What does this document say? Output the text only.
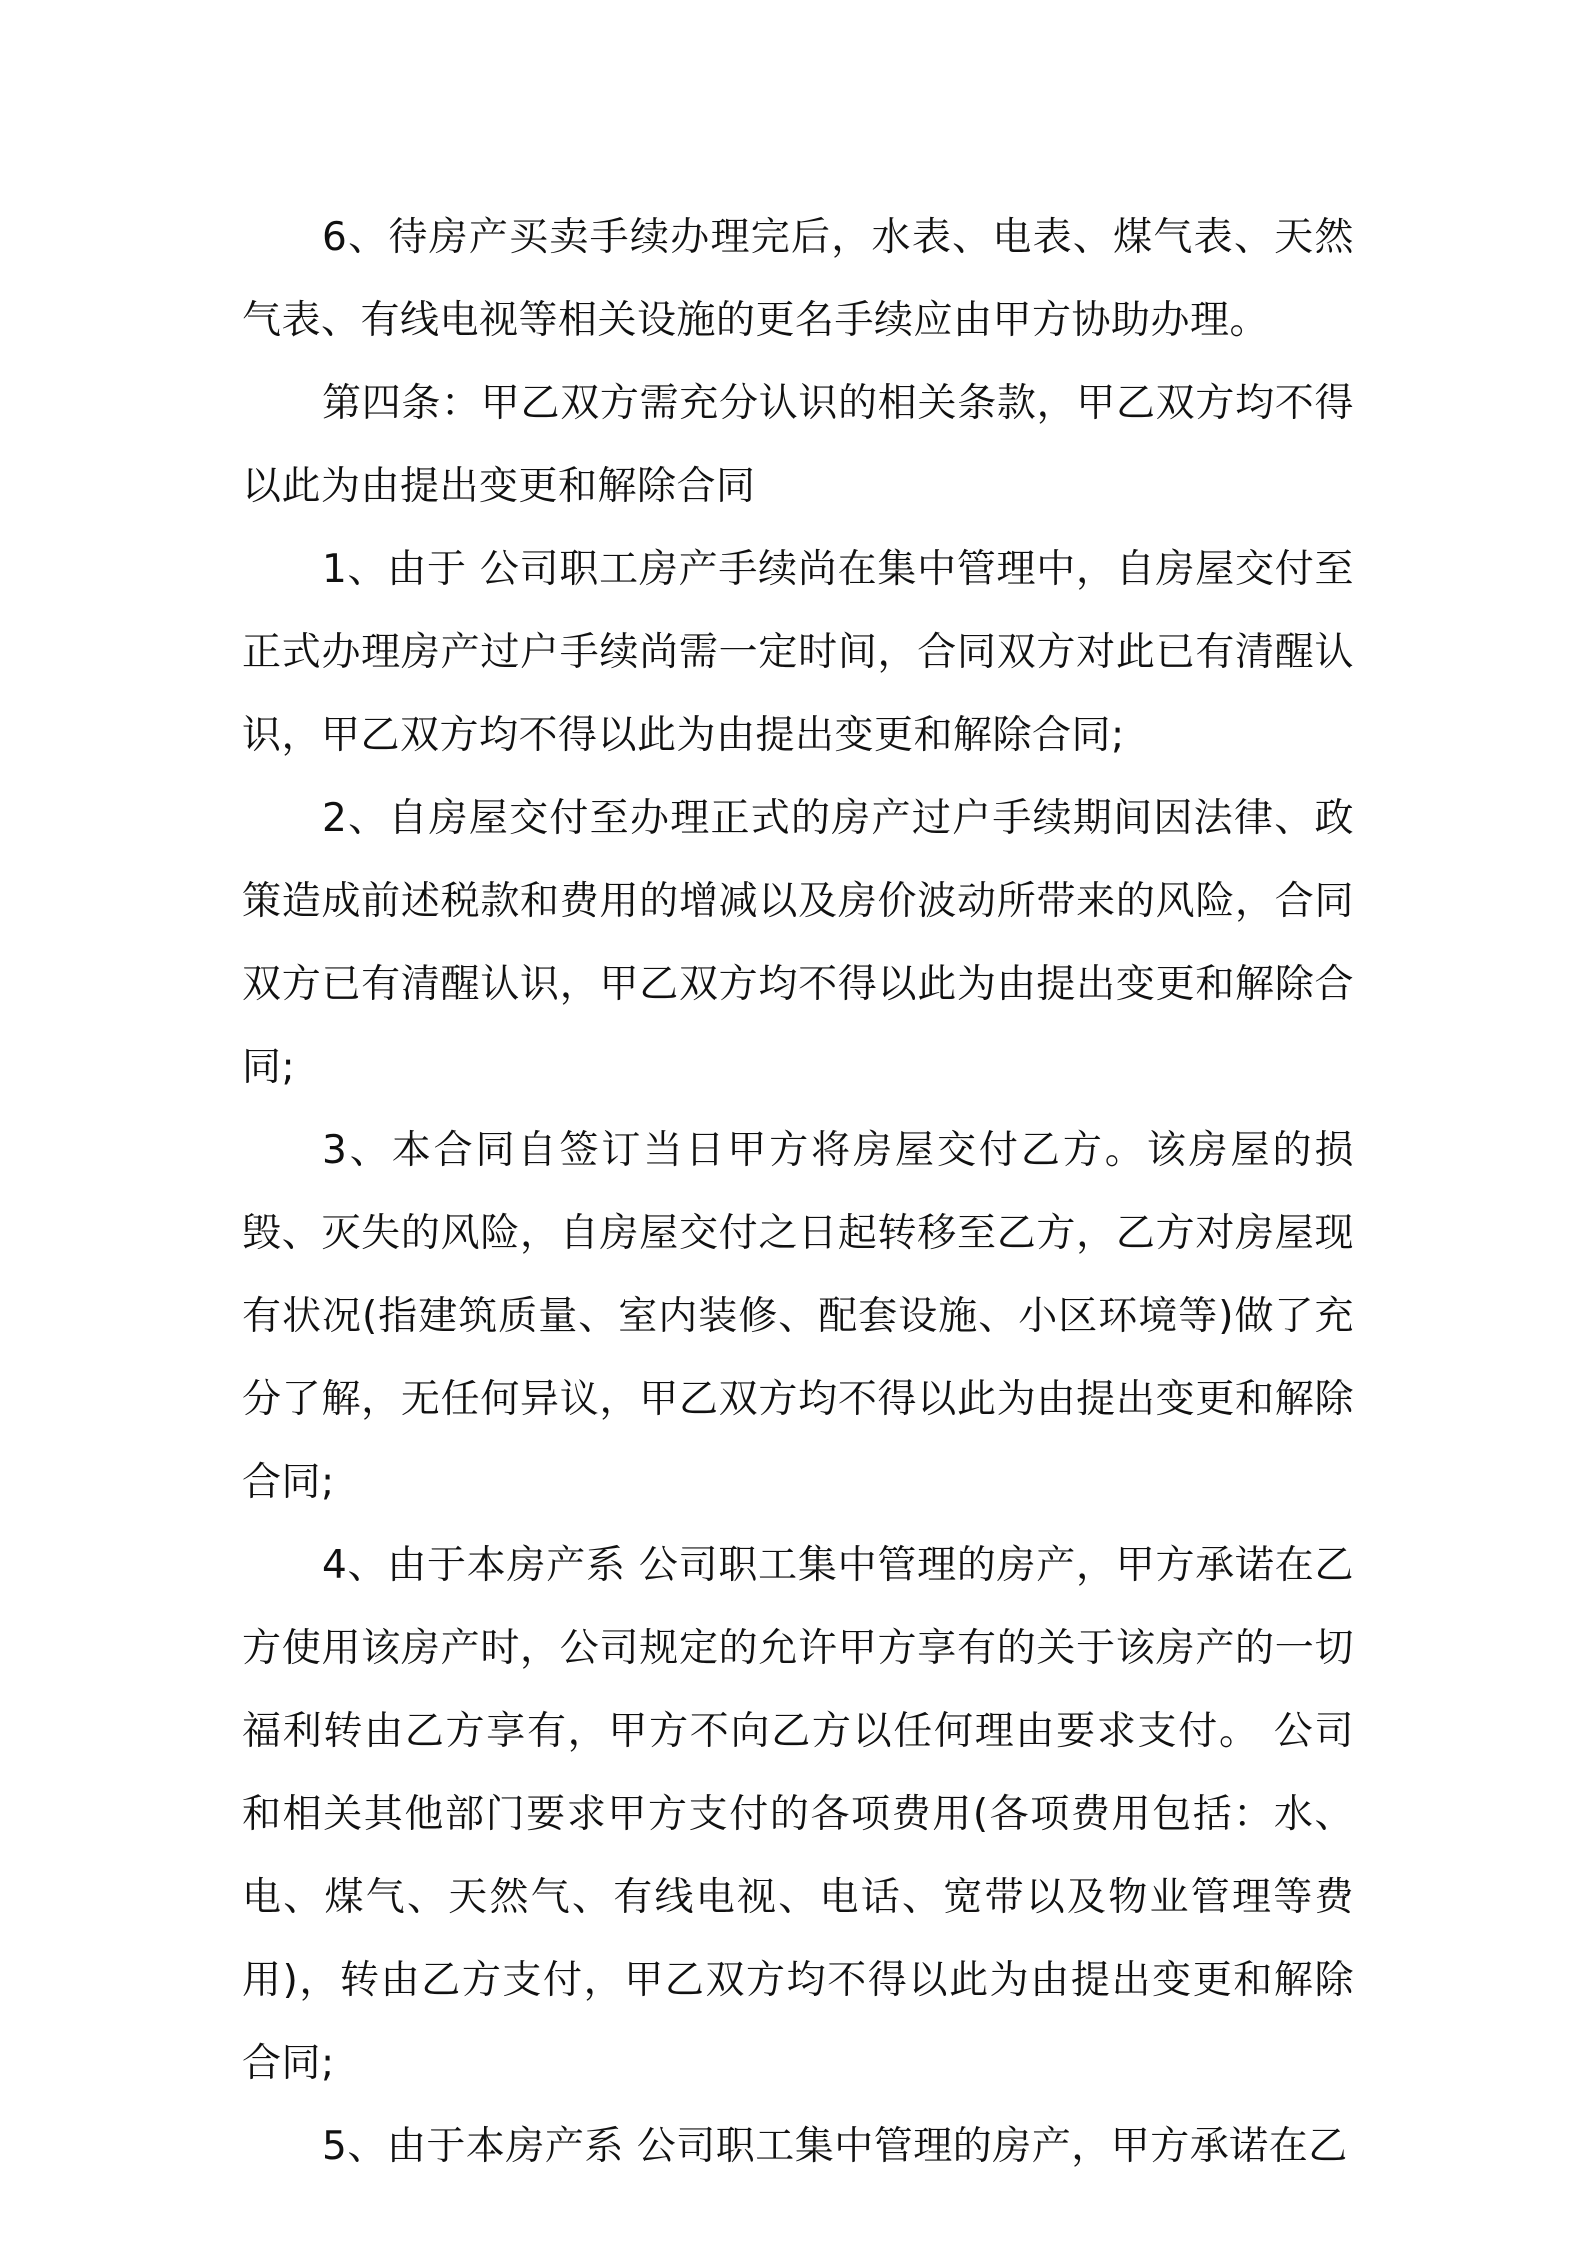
6、待房产买卖手续办理完后，水表、电表、煤气表、天然气表、有线电视等相关设施的更名手续应由甲方协助办理。

第四条：甲乙双方需充分认识的相关条款，甲乙双方均不得以此为由提出变更和解除合同

1、由于 公司职工房产手续尚在集中管理中，自房屋交付至正式办理房产过户手续尚需一定时间，合同双方对此已有清醒认识，甲乙双方均不得以此为由提出变更和解除合同;

2、自房屋交付至办理正式的房产过户手续期间因法律、政策造成前述税款和费用的增减以及房价波动所带来的风险，合同双方已有清醒认识，甲乙双方均不得以此为由提出变更和解除合同;

3、本合同自签订当日甲方将房屋交付乙方。该房屋的损毁、灭失的风险，自房屋交付之日起转移至乙方，乙方对房屋现有状况(指建筑质量、室内装修、配套设施、小区环境等)做了充分了解，无任何异议，甲乙双方均不得以此为由提出变更和解除合同;

4、由于本房产系 公司职工集中管理的房产，甲方承诺在乙方使用该房产时，公司规定的允许甲方享有的关于该房产的一切福利转由乙方享有，甲方不向乙方以任何理由要求支付。 公司和相关其他部门要求甲方支付的各项费用(各项费用包括：水、电、煤气、天然气、有线电视、电话、宽带以及物业管理等费用)，转由乙方支付，甲乙双方均不得以此为由提出变更和解除合同;

5、由于本房产系 公司职工集中管理的房产，甲方承诺在乙
